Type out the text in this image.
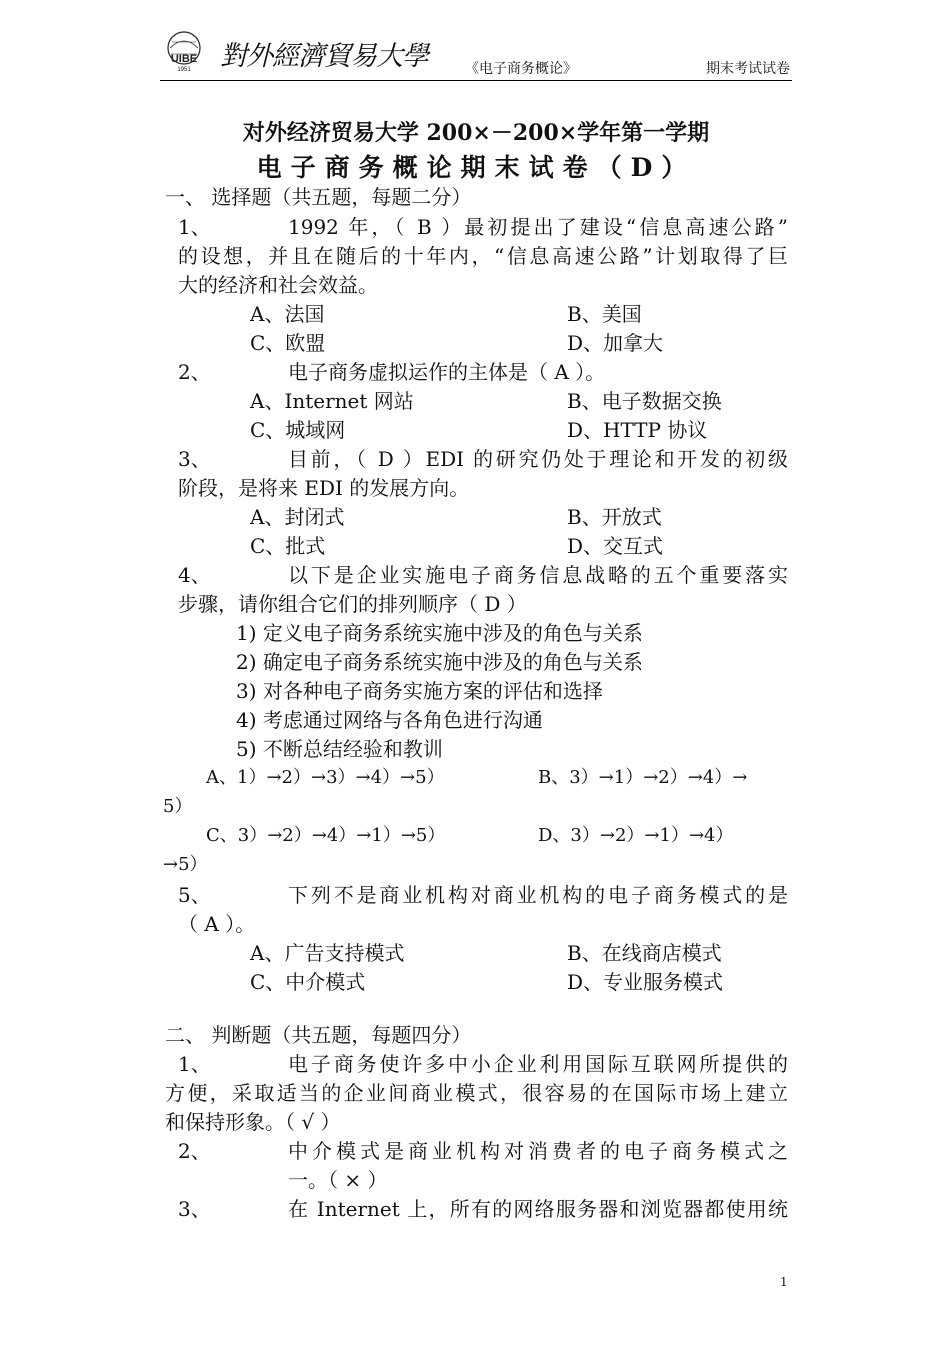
UIBE
1951 對外經濟貿易大學	《电子商务概论》	期末考试试卷
对外经济贸易大学 200×－200×学年第一学期
电子商务概论期末试卷（D）
一、 选择题（共五题，每题二分）
1、	1992 年，（ B ）最初提出了建设“信息高速公路”
的设想，并且在随后的十年内，“信息高速公路”计划取得了巨
大的经济和社会效益。
A、法国	B、美国
C、欧盟	D、加拿大
2、	电子商务虚拟运作的主体是（ A ）。
A、Internet 网站	B、电子数据交换
C、城域网	D、HTTP 协议
3、	目前，（ D ）EDI 的研究仍处于理论和开发的初级
阶段，是将来 EDI 的发展方向。
A、封闭式	B、开放式
C、批式	D、交互式
4、	以下是企业实施电子商务信息战略的五个重要落实
步骤，请你组合它们的排列顺序（ D ）
1) 定义电子商务系统实施中涉及的角色与关系
2) 确定电子商务系统实施中涉及的角色与关系
3) 对各种电子商务实施方案的评估和选择
4) 考虑通过网络与各角色进行沟通
5) 不断总结经验和教训
A、1）→2）→3）→4）→5）	B、3）→1）→2）→4）→
5）
C、3）→2）→4）→1）→5）	D、3）→2）→1）→4）
→5）
5、	下列不是商业机构对商业机构的电子商务模式的是
（ A ）。
A、广告支持模式	B、在线商店模式
C、中介模式	D、专业服务模式
二、 判断题（共五题，每题四分）
1、	电子商务使许多中小企业利用国际互联网所提供的
方便，采取适当的企业间商业模式，很容易的在国际市场上建立
和保持形象。（ √ ）
2、	中介模式是商业机构对消费者的电子商务模式之
一。（ × ）
3、	在 Internet 上，所有的网络服务器和浏览器都使用统
1
